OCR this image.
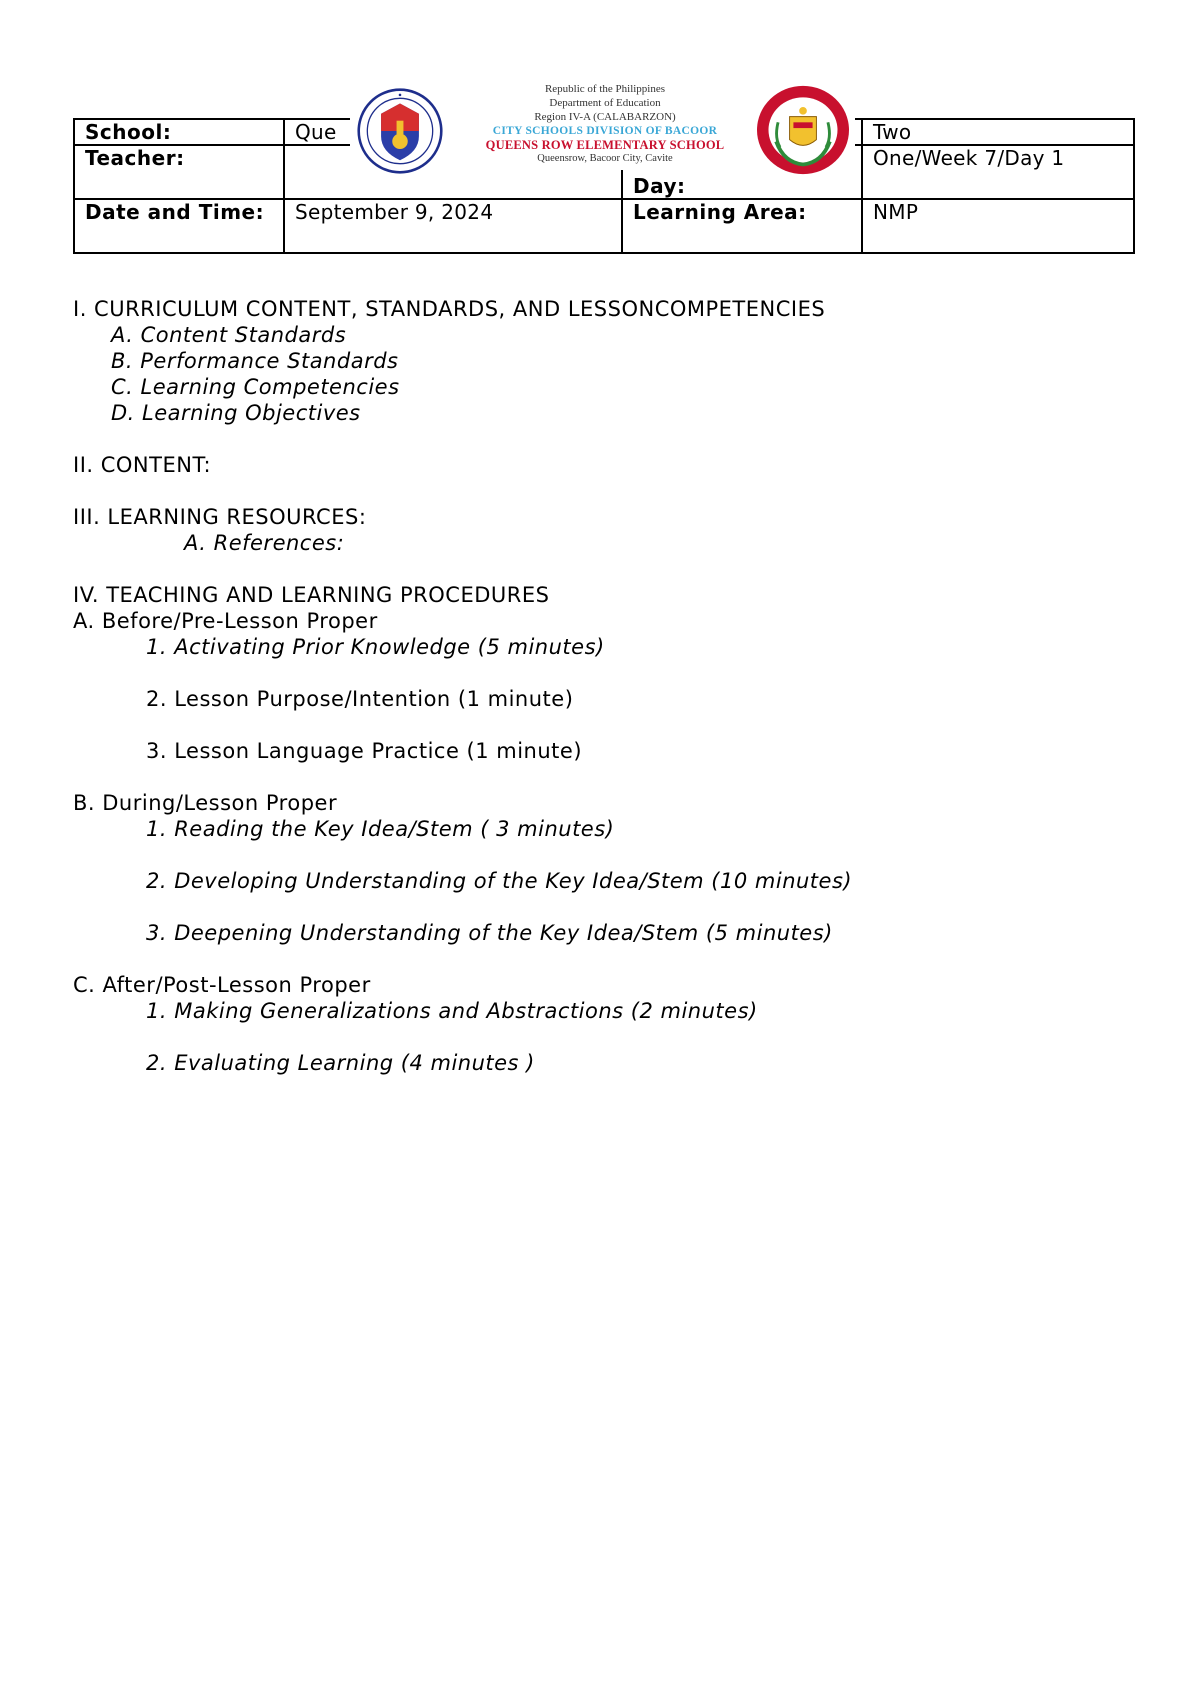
School:	Que		Two
Teacher:		Day:	One/Week 7/Day 1
Date and Time:	September 9, 2024	Learning Area:	NMP
Republic of the Philippines
Department of Education
Region IV-A (CALABARZON)
CITY SCHOOLS DIVISION OF BACOOR
QUEENS ROW ELEMENTARY SCHOOL
Queensrow, Bacoor City, Cavite
I. CURRICULUM CONTENT, STANDARDS, AND LESSONCOMPETENCIES
A. Content Standards
B. Performance Standards
C. Learning Competencies
D. Learning Objectives
II. CONTENT:
III. LEARNING RESOURCES:
A. References:
IV. TEACHING AND LEARNING PROCEDURES
A. Before/Pre-Lesson Proper
1. Activating Prior Knowledge (5 minutes)
2. Lesson Purpose/Intention (1 minute)
3. Lesson Language Practice (1 minute)
B. During/Lesson Proper
1. Reading the Key Idea/Stem ( 3 minutes)
2. Developing Understanding of the Key Idea/Stem (10 minutes)
3. Deepening Understanding of the Key Idea/Stem (5 minutes)
C. After/Post-Lesson Proper
1. Making Generalizations and Abstractions (2 minutes)
2. Evaluating Learning (4 minutes )
